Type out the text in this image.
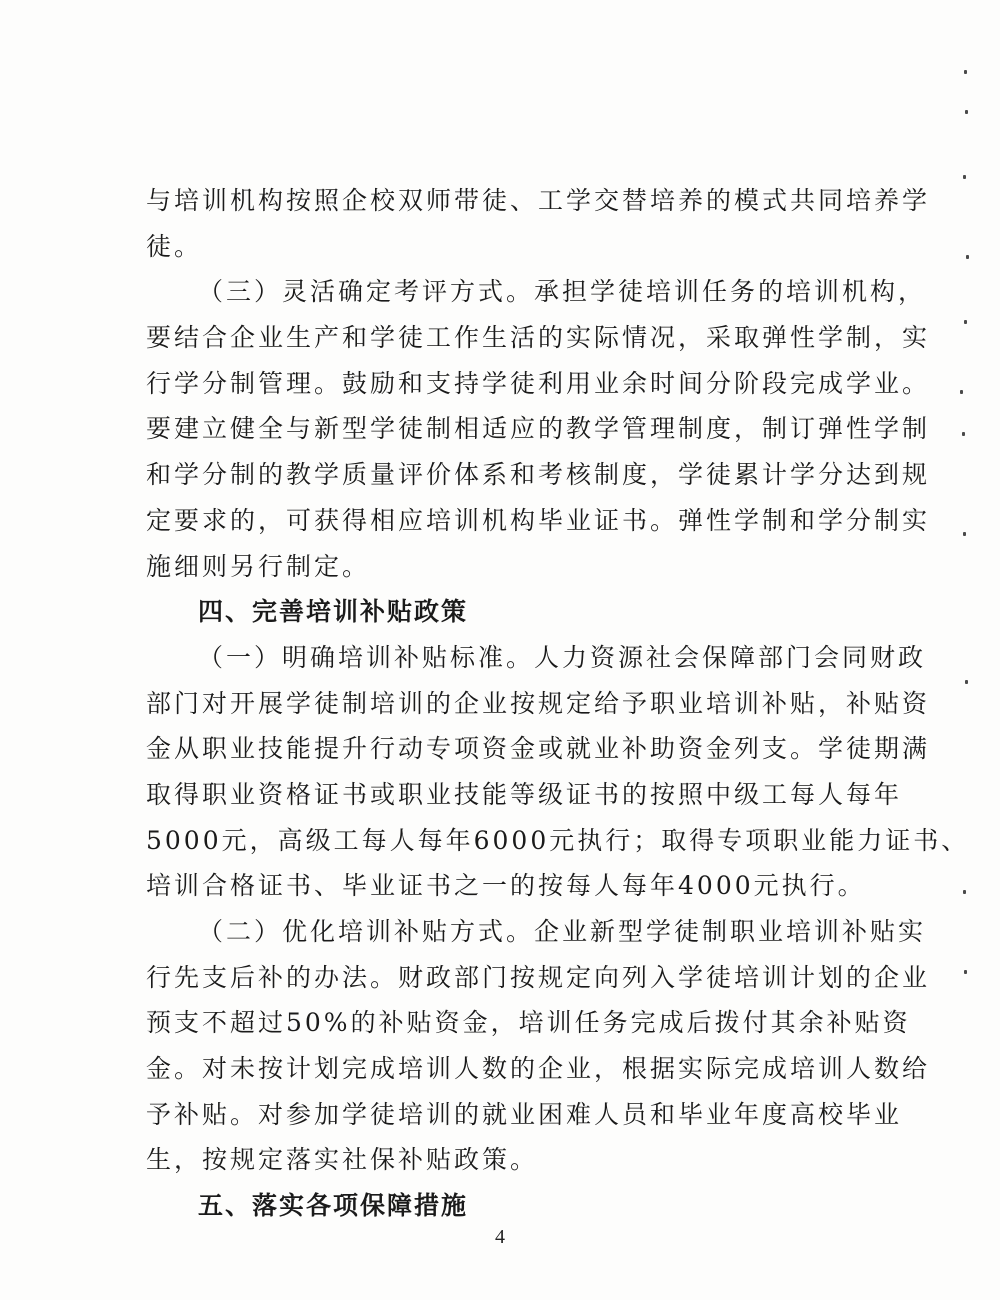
与培训机构按照企校双师带徒、工学交替培养的模式共同培养学
徒。
（三）灵活确定考评方式。承担学徒培训任务的培训机构，
要结合企业生产和学徒工作生活的实际情况，采取弹性学制，实
行学分制管理。鼓励和支持学徒利用业余时间分阶段完成学业。
要建立健全与新型学徒制相适应的教学管理制度，制订弹性学制
和学分制的教学质量评价体系和考核制度，学徒累计学分达到规
定要求的，可获得相应培训机构毕业证书。弹性学制和学分制实
施细则另行制定。
四、完善培训补贴政策
（一）明确培训补贴标准。人力资源社会保障部门会同财政
部门对开展学徒制培训的企业按规定给予职业培训补贴，补贴资
金从职业技能提升行动专项资金或就业补助资金列支。学徒期满
取得职业资格证书或职业技能等级证书的按照中级工每人每年
5000元，高级工每人每年6000元执行；取得专项职业能力证书、
培训合格证书、毕业证书之一的按每人每年4000元执行。
（二）优化培训补贴方式。企业新型学徒制职业培训补贴实
行先支后补的办法。财政部门按规定向列入学徒培训计划的企业
预支不超过50%的补贴资金，培训任务完成后拨付其余补贴资
金。对未按计划完成培训人数的企业，根据实际完成培训人数给
予补贴。对参加学徒培训的就业困难人员和毕业年度高校毕业
生，按规定落实社保补贴政策。
五、落实各项保障措施
4
